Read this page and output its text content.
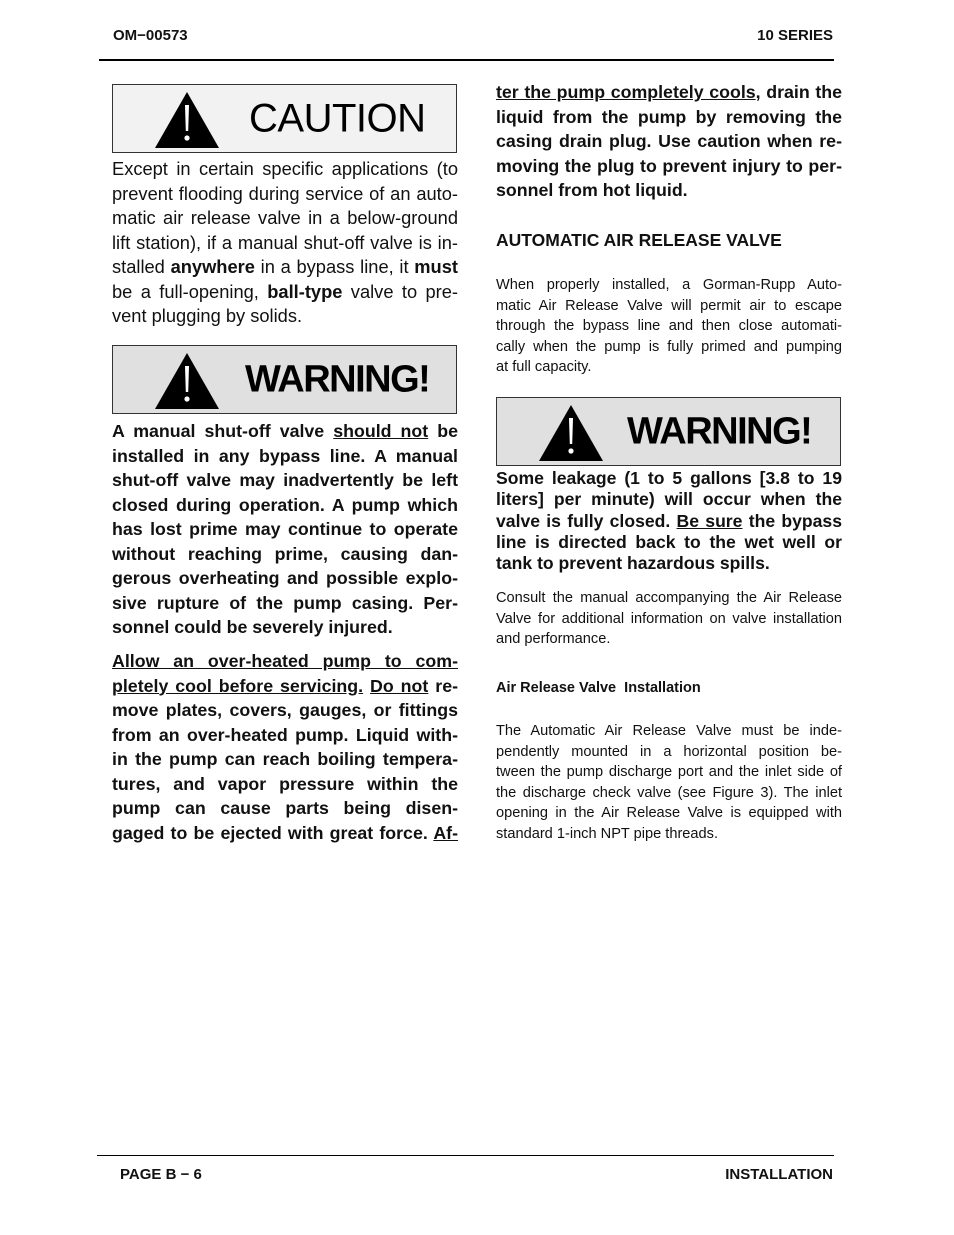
OM−00573	10 SERIES
CAUTION
Except in certain specific applications (to
prevent flooding during service of an auto-
matic air release valve in a below-ground
lift station), if a manual shut-off valve is in-
stalled anywhere in a bypass line, it must
be a full-opening, ball-type valve to pre-
vent plugging by solids.
WARNING!
A manual shut-off valve should not be
installed in any bypass line. A manual
shut-off valve may inadvertently be left
closed during operation. A pump which
has lost prime may continue to operate
without reaching prime, causing dan-
gerous overheating and possible explo-
sive rupture of the pump casing. Per-
sonnel could be severely injured.
Allow an over-heated pump to com-
pletely cool before servicing. Do not re-
move plates, covers, gauges, or fittings
from an over-heated pump. Liquid with-
in the pump can reach boiling tempera-
tures, and vapor pressure within the
pump can cause parts being disen-
gaged to be ejected with great force. Af-
ter the pump completely cools, drain the
liquid from the pump by removing the
casing drain plug. Use caution when re-
moving the plug to prevent injury to per-
sonnel from hot liquid.
AUTOMATIC AIR RELEASE VALVE
When properly installed, a Gorman-Rupp Auto-
matic Air Release Valve will permit air to escape
through the bypass line and then close automati-
cally when the pump is fully primed and pumping
at full capacity.
WARNING!
Some leakage (1 to 5 gallons [3.8 to 19
liters] per minute) will occur when the
valve is fully closed. Be sure the bypass
line is directed back to the wet well or
tank to prevent hazardous spills.
Consult the manual accompanying the Air Release
Valve for additional information on valve installation
and performance.
Air Release Valve  Installation
The Automatic Air Release Valve must be inde-
pendently mounted in a horizontal position be-
tween the pump discharge port and the inlet side of
the discharge check valve (see Figure 3). The inlet
opening in the Air Release Valve is equipped with
standard 1-inch NPT pipe threads.
PAGE B − 6	INSTALLATION
